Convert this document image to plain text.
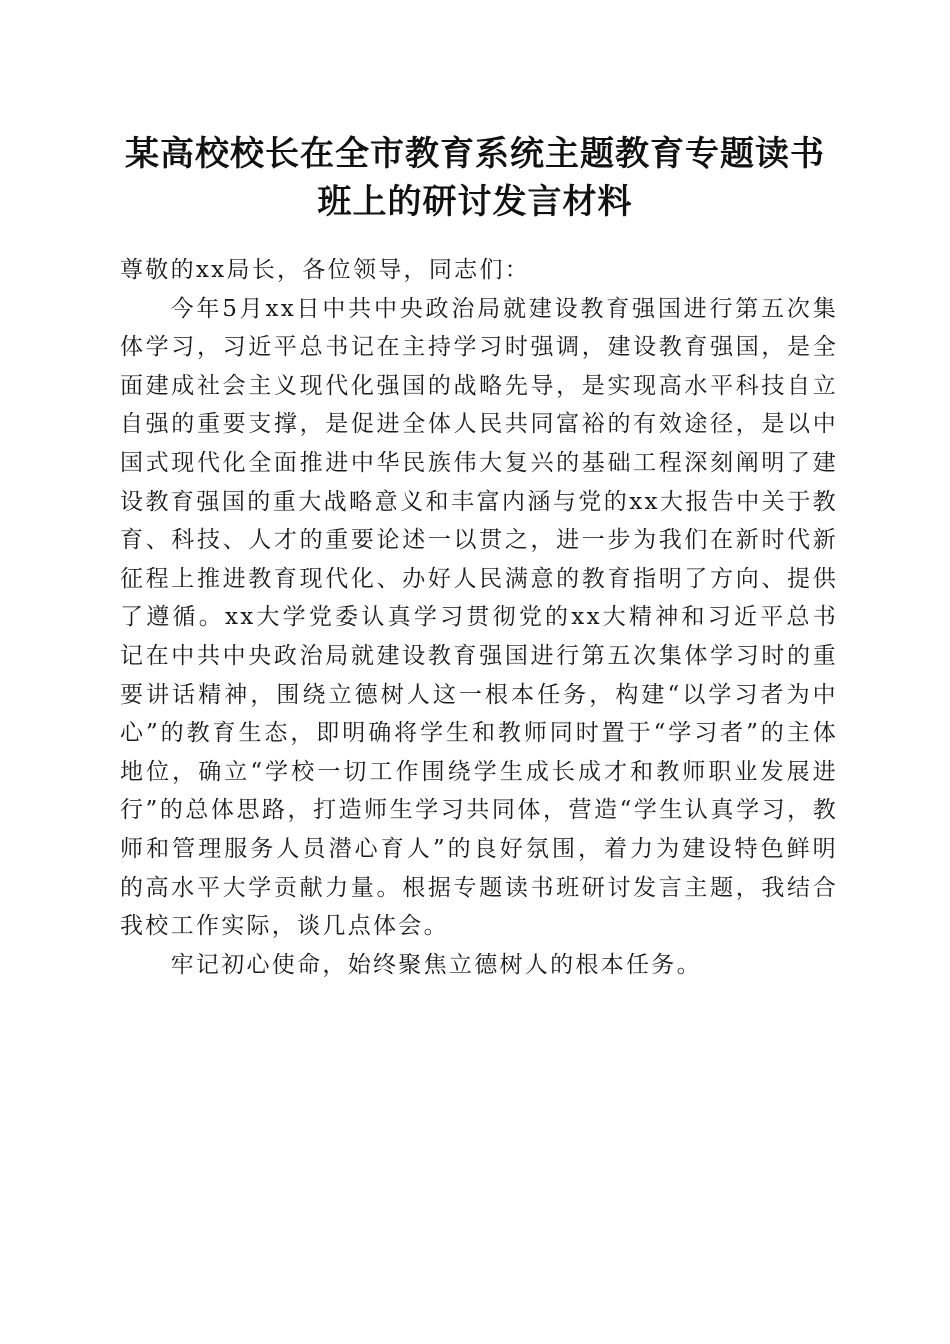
某高校校长在全市教育系统主题教育专题读书
班上的研讨发言材料

尊敬的xx局长，各位领导，同志们：

今年5月xx日中共中央政治局就建设教育强国进行第五次集体学习，习近平总书记在主持学习时强调，建设教育强国，是全面建成社会主义现代化强国的战略先导，是实现高水平科技自立自强的重要支撑，是促进全体人民共同富裕的有效途径，是以中国式现代化全面推进中华民族伟大复兴的基础工程深刻阐明了建设教育强国的重大战略意义和丰富内涵与党的xx大报告中关于教育、科技、人才的重要论述一以贯之，进一步为我们在新时代新征程上推进教育现代化、办好人民满意的教育指明了方向、提供了遵循。xx大学党委认真学习贯彻党的xx大精神和习近平总书记在中共中央政治局就建设教育强国进行第五次集体学习时的重要讲话精神，围绕立德树人这一根本任务，构建“以学习者为中心”的教育生态，即明确将学生和教师同时置于“学习者”的主体地位，确立“学校一切工作围绕学生成长成才和教师职业发展进行”的总体思路，打造师生学习共同体，营造“学生认真学习，教师和管理服务人员潜心育人”的良好氛围，着力为建设特色鲜明的高水平大学贡献力量。根据专题读书班研讨发言主题，我结合我校工作实际，谈几点体会。

牢记初心使命，始终聚焦立德树人的根本任务。
